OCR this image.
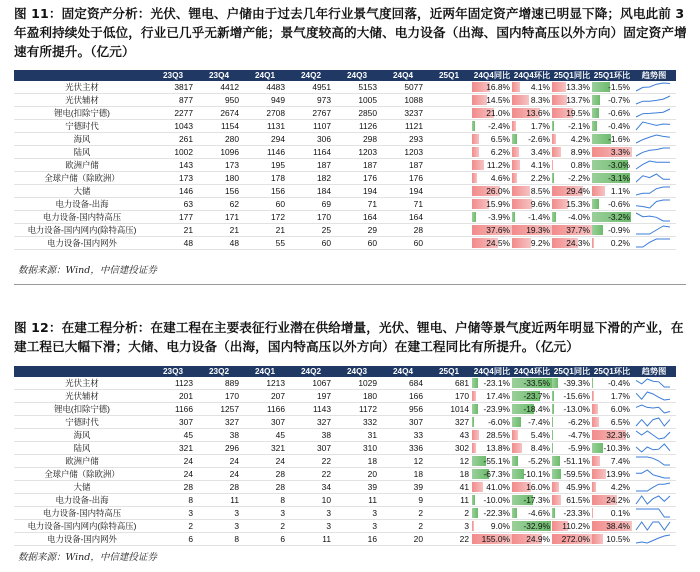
图 11：固定资产分析：光伏、锂电、户储由于过去几年行业景气度回落，近两年固定资产增速已明显下降；风电此前 3 年盈利持续处于低位，行业已几乎无新增产能；景气度较高的大储、电力设备（出海、国内特高压以外方向）固定资产增速有所提升。（亿元）
	23Q3	23Q4	24Q1	24Q2	24Q3	24Q4	25Q1	24Q4同比	24Q4环比	25Q1同比	25Q1环比	趋势图
光伏主材	3817	4412	4483	4951	5153	5077		16.8%	4.1%	13.3%	-1.5%	

光伏辅材	877	950	949	973	1005	1088		14.5%	8.3%	13.7%	-0.7%	

锂电(扣除宁德)	2277	2674	2708	2767	2850	3237		21.0%	13.6%	19.5%	-0.6%	

宁德时代	1043	1154	1131	1107	1126	1121		-2.4%	1.7%	-2.1%	-0.4%	

海风	261	280	294	306	298	293		6.5%	-2.6%	4.2%	-1.6%	

陆风	1002	1096	1146	1164	1203	1203		6.2%	3.4%	8.9%	3.3%	

欧洲户储	143	173	195	187	187	187		11.2%	4.1%	0.8%	-3.0%	

全球户储（除欧洲）	173	180	178	182	176	176		4.6%	2.2%	-2.2%	-3.1%	

大储	146	156	156	184	194	194		26.0%	8.5%	29.4%	1.1%	

电力设备-出海	63	62	60	69	71	71		15.9%	9.6%	15.3%	-0.6%	

电力设备-国内特高压	177	171	172	170	164	164		-3.9%	-1.4%	-4.0%	-3.2%	

电力设备-国内网内(除特高压)	21	21	21	25	29	28		37.6%	19.3%	37.7%	-0.9%	

电力设备-国内网外	48	48	55	60	60	60		24.5%	9.2%	24.3%	0.2%	
数据来源：Wind，中信建投证券
图 12：在建工程分析：在建工程在主要表征行业潜在供给增量，光伏、锂电、户储等景气度近两年明显下滑的产业，在建工程已大幅下滑；大储、电力设备（出海，国内特高压以外方向）在建工程同比有所提升。（亿元）
	23Q3	23Q2	24Q1	24Q2	24Q3	24Q4	25Q1	24Q4同比	24Q4环比	25Q1同比	25Q1环比	趋势图
光伏主材	1123	889	1213	1067	1029	684	681	-23.1%	-33.5%	-39.3%	-0.4%	

光伏辅材	201	170	207	197	180	166	170	17.4%	-23.7%	-15.6%	1.7%	

锂电(扣除宁德)	1166	1257	1166	1143	1172	956	1014	-23.9%	-18.4%	-13.0%	6.0%	

宁德时代	307	327	307	327	332	307	327	-6.0%	-7.4%	-6.2%	6.5%	

海风	45	38	45	38	31	33	43	28.5%	5.4%	-4.7%	32.3%	

陆风	321	296	321	307	310	336	302	13.8%	8.4%	-5.9%	-10.3%	

欧洲户储	24	24	24	22	18	12	12	-55.1%	-5.2%	-51.1%	7.4%	

全球户储（除欧洲）	24	24	28	22	20	18	18	-67.3%	-10.1%	-59.5%	13.9%	

大储	28	28	28	34	39	39	41	41.0%	16.0%	45.9%	4.2%	

电力设备-出海	8	11	8	10	11	9	11	-10.0%	-17.3%	61.5%	24.2%	

电力设备-国内特高压	3	3	3	3	3	2	2	-22.3%	-4.6%	-23.3%	0.1%	

电力设备-国内网内(除特高压)	2	3	2	3	3	2	3	9.0%	-32.9%	110.2%	38.4%	

电力设备-国内网外	6	8	6	11	16	20	22	155.0%	24.9%	272.0%	10.5%	
数据来源：Wind，中信建投证券
